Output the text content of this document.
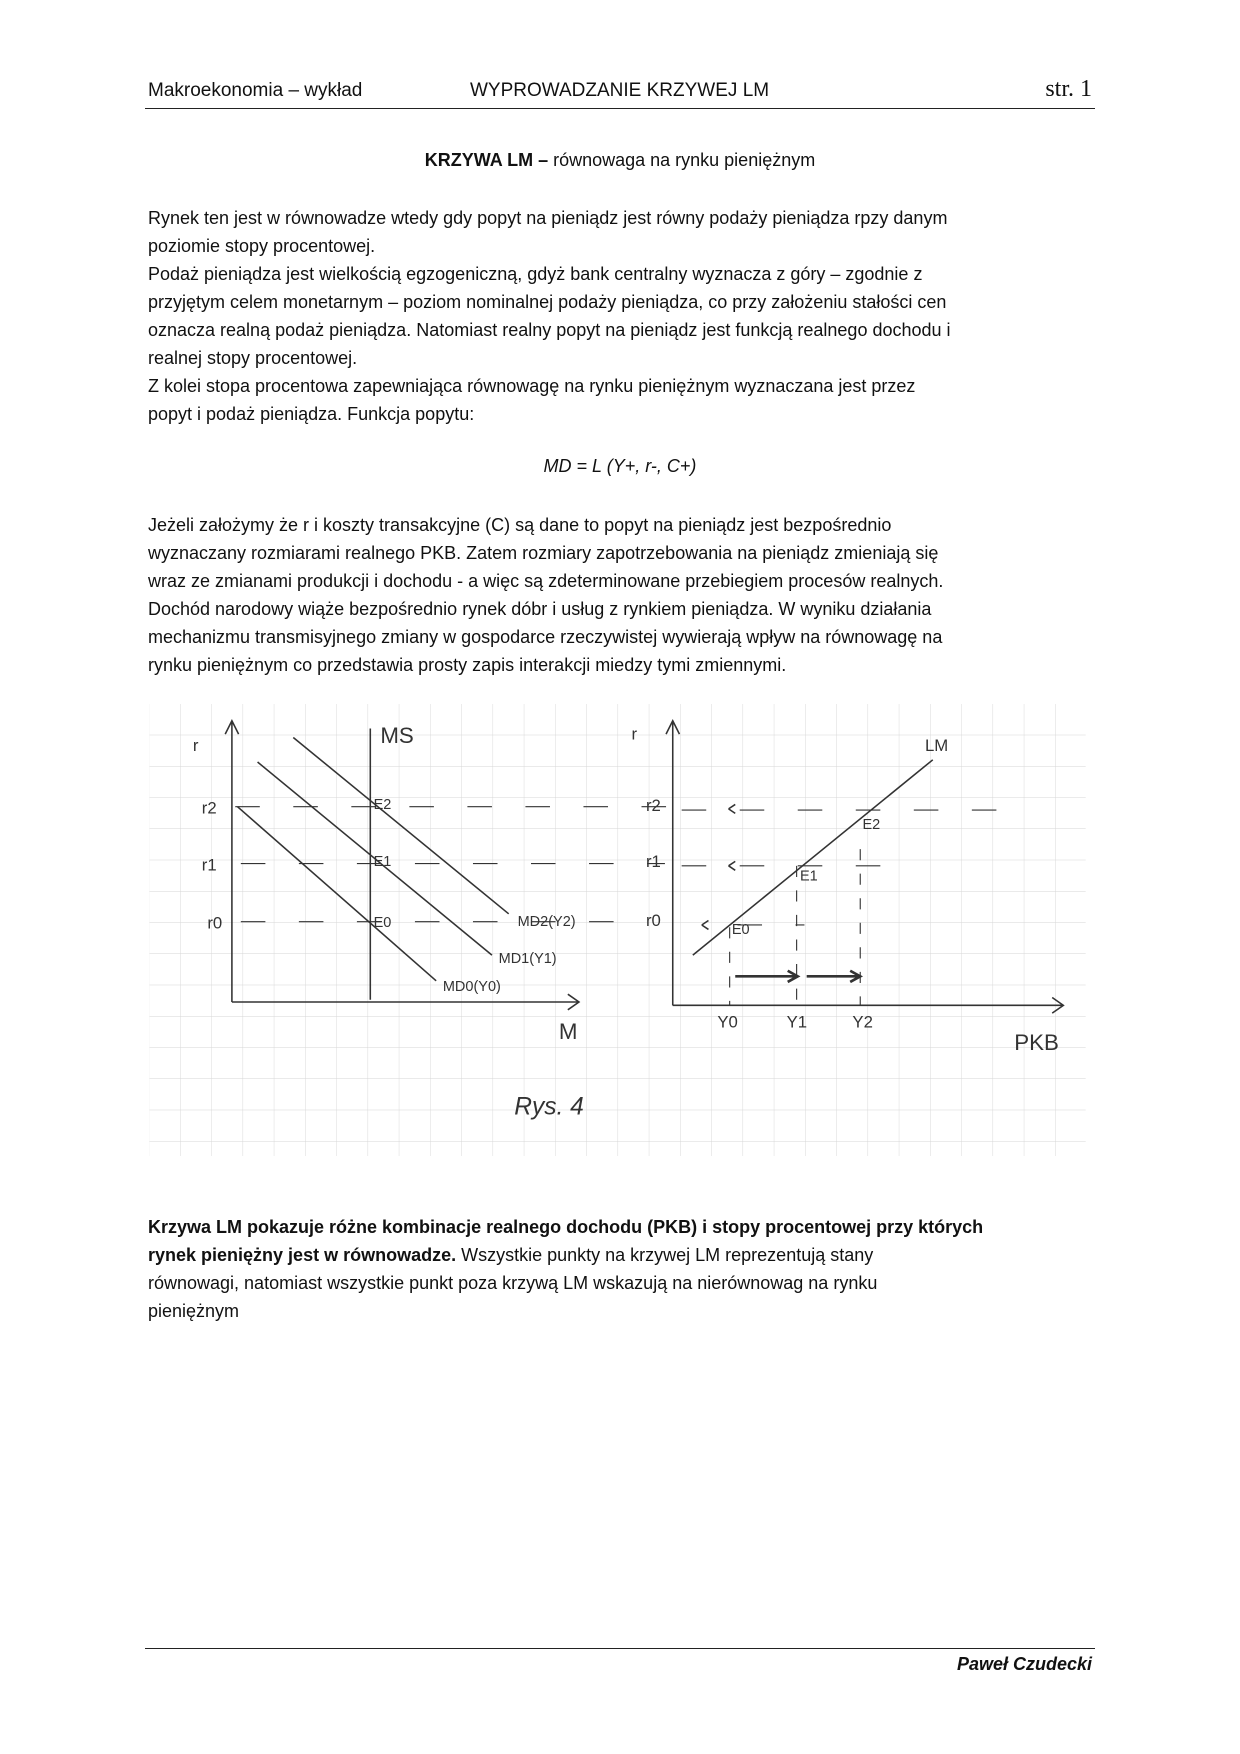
Makroekonomia – wykład	WYPROWADZANIE KRZYWEJ LM	str. 1
KRZYWA LM – równowaga na rynku pieniężnym
Rynek ten jest w równowadze wtedy gdy popyt na pieniądz jest równy podaży pieniądza rpzy danym
poziomie stopy procentowej.
Podaż pieniądza jest wielkością egzogeniczną, gdyż bank centralny wyznacza z góry – zgodnie z
przyjętym celem monetarnym – poziom nominalnej podaży pieniądza, co przy założeniu stałości cen
oznacza realną podaż pieniądza. Natomiast realny popyt na pieniądz jest funkcją realnego dochodu i
realnej stopy procentowej.
Z kolei stopa procentowa zapewniająca równowagę na rynku pieniężnym wyznaczana jest przez
popyt i podaż pieniądza. Funkcja popytu:
MD = L (Y+, r-, C+)
Jeżeli założymy że r i koszty transakcyjne (C) są dane to popyt na pieniądz jest bezpośrednio
wyznaczany rozmiarami realnego PKB. Zatem rozmiary zapotrzebowania na pieniądz zmieniają się
wraz ze zmianami produkcji i dochodu - a więc są zdeterminowane przebiegiem procesów realnych.
Dochód narodowy wiąże bezpośrednio rynek dóbr i usług z rynkiem pieniądza. W wyniku działania
mechanizmu transmisyjnego zmiany w gospodarce rzeczywistej wywierają wpływ na równowagę na
rynku pieniężnym co przedstawia prosty zapis interakcji miedzy tymi zmiennymi.
r	MS
M
r2
r1
r0
E2
E1
E0	MD2(Y2)
MD1(Y1)
MD0(Y0)
r
LM
r2
r1
r0
E2
E1
E0
Y0	Y1	Y2
PKB
Rys. 4
Krzywa LM pokazuje różne kombinacje realnego dochodu (PKB) i stopy procentowej przy których
rynek pieniężny jest w równowadze. Wszystkie punkty na krzywej LM reprezentują stany
równowagi, natomiast wszystkie punkt poza krzywą LM wskazują na nierównowag na rynku
pieniężnym
Paweł Czudecki
